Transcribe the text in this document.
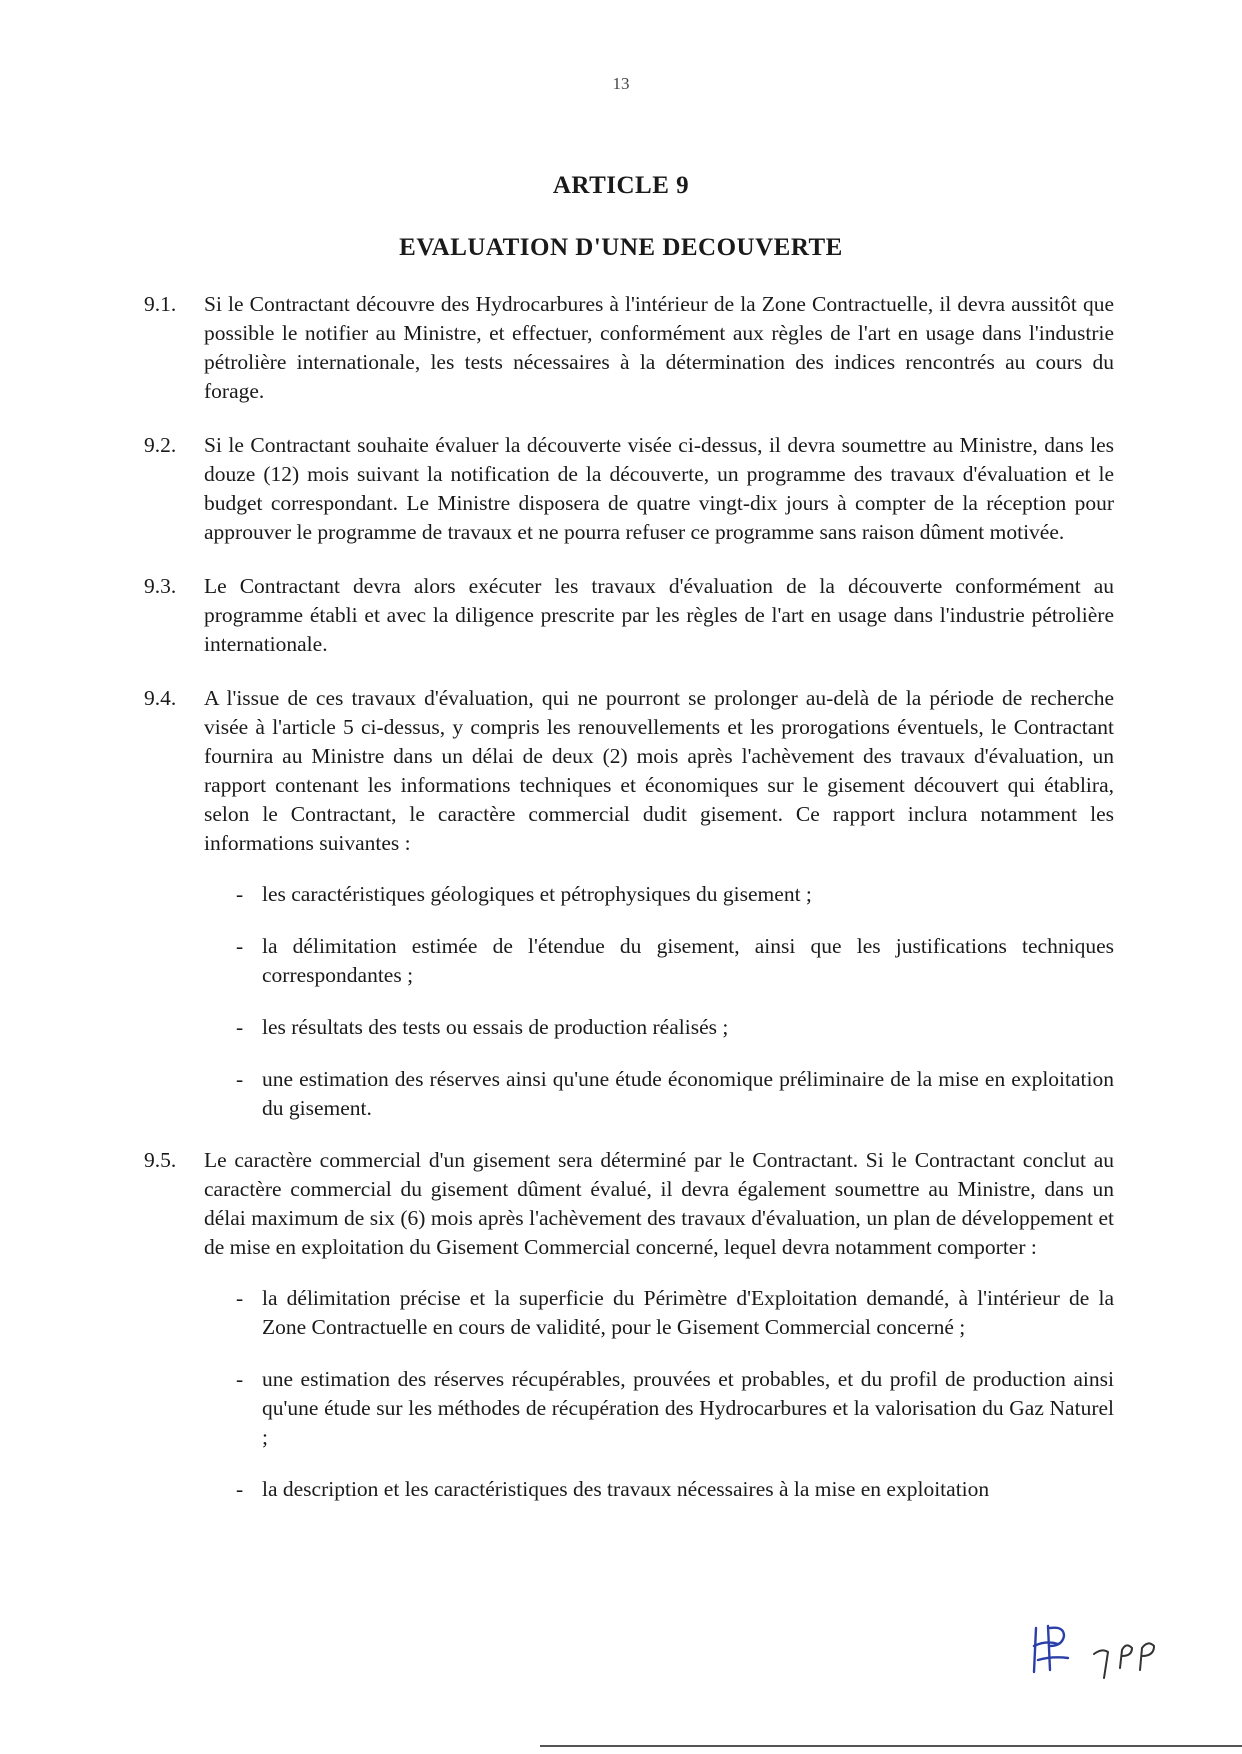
13
ARTICLE 9
EVALUATION D'UNE DECOUVERTE
9.1.	Si le Contractant découvre des Hydrocarbures à l'intérieur de la Zone Contractuelle, il devra aussitôt que possible le notifier au Ministre, et effectuer, conformément aux règles de l'art en usage dans l'industrie pétrolière internationale, les tests nécessaires à la détermination des indices rencontrés au cours du forage.
9.2.	Si le Contractant souhaite évaluer la découverte visée ci-dessus, il devra soumettre au Ministre, dans les douze (12) mois suivant la notification de la découverte, un programme des travaux d'évaluation et le budget correspondant. Le Ministre disposera de quatre vingt-dix jours à compter de la réception pour approuver le programme de travaux et ne pourra refuser ce programme sans raison dûment motivée.
9.3.	Le Contractant devra alors exécuter les travaux d'évaluation de la découverte conformément au programme établi et avec la diligence prescrite par les règles de l'art en usage dans l'industrie pétrolière internationale.
9.4.	A l'issue de ces travaux d'évaluation, qui ne pourront se prolonger au-delà de la période de recherche visée à l'article 5 ci-dessus, y compris les renouvellements et les prorogations éventuels, le Contractant fournira au Ministre dans un délai de deux (2) mois après l'achèvement des travaux d'évaluation, un rapport contenant les informations techniques et économiques sur le gisement découvert qui établira, selon le Contractant, le caractère commercial dudit gisement. Ce rapport inclura notamment les informations suivantes :
- les caractéristiques géologiques et pétrophysiques du gisement ;
- la délimitation estimée de l'étendue du gisement, ainsi que les justifications techniques correspondantes ;
- les résultats des tests ou essais de production réalisés ;
- une estimation des réserves ainsi qu'une étude économique préliminaire de la mise en exploitation du gisement.
9.5.	Le caractère commercial d'un gisement sera déterminé par le Contractant. Si le Contractant conclut au caractère commercial du gisement dûment évalué, il devra également soumettre au Ministre, dans un délai maximum de six (6) mois après l'achèvement des travaux d'évaluation, un plan de développement et de mise en exploitation du Gisement Commercial concerné, lequel devra notamment comporter :
- la délimitation précise et la superficie du Périmètre d'Exploitation demandé, à l'intérieur de la Zone Contractuelle en cours de validité, pour le Gisement Commercial concerné ;
- une estimation des réserves récupérables, prouvées et probables, et du profil de production ainsi qu'une étude sur les méthodes de récupération des Hydrocarbures et la valorisation du Gaz Naturel ;
- la description et les caractéristiques des travaux nécessaires à la mise en exploitation
